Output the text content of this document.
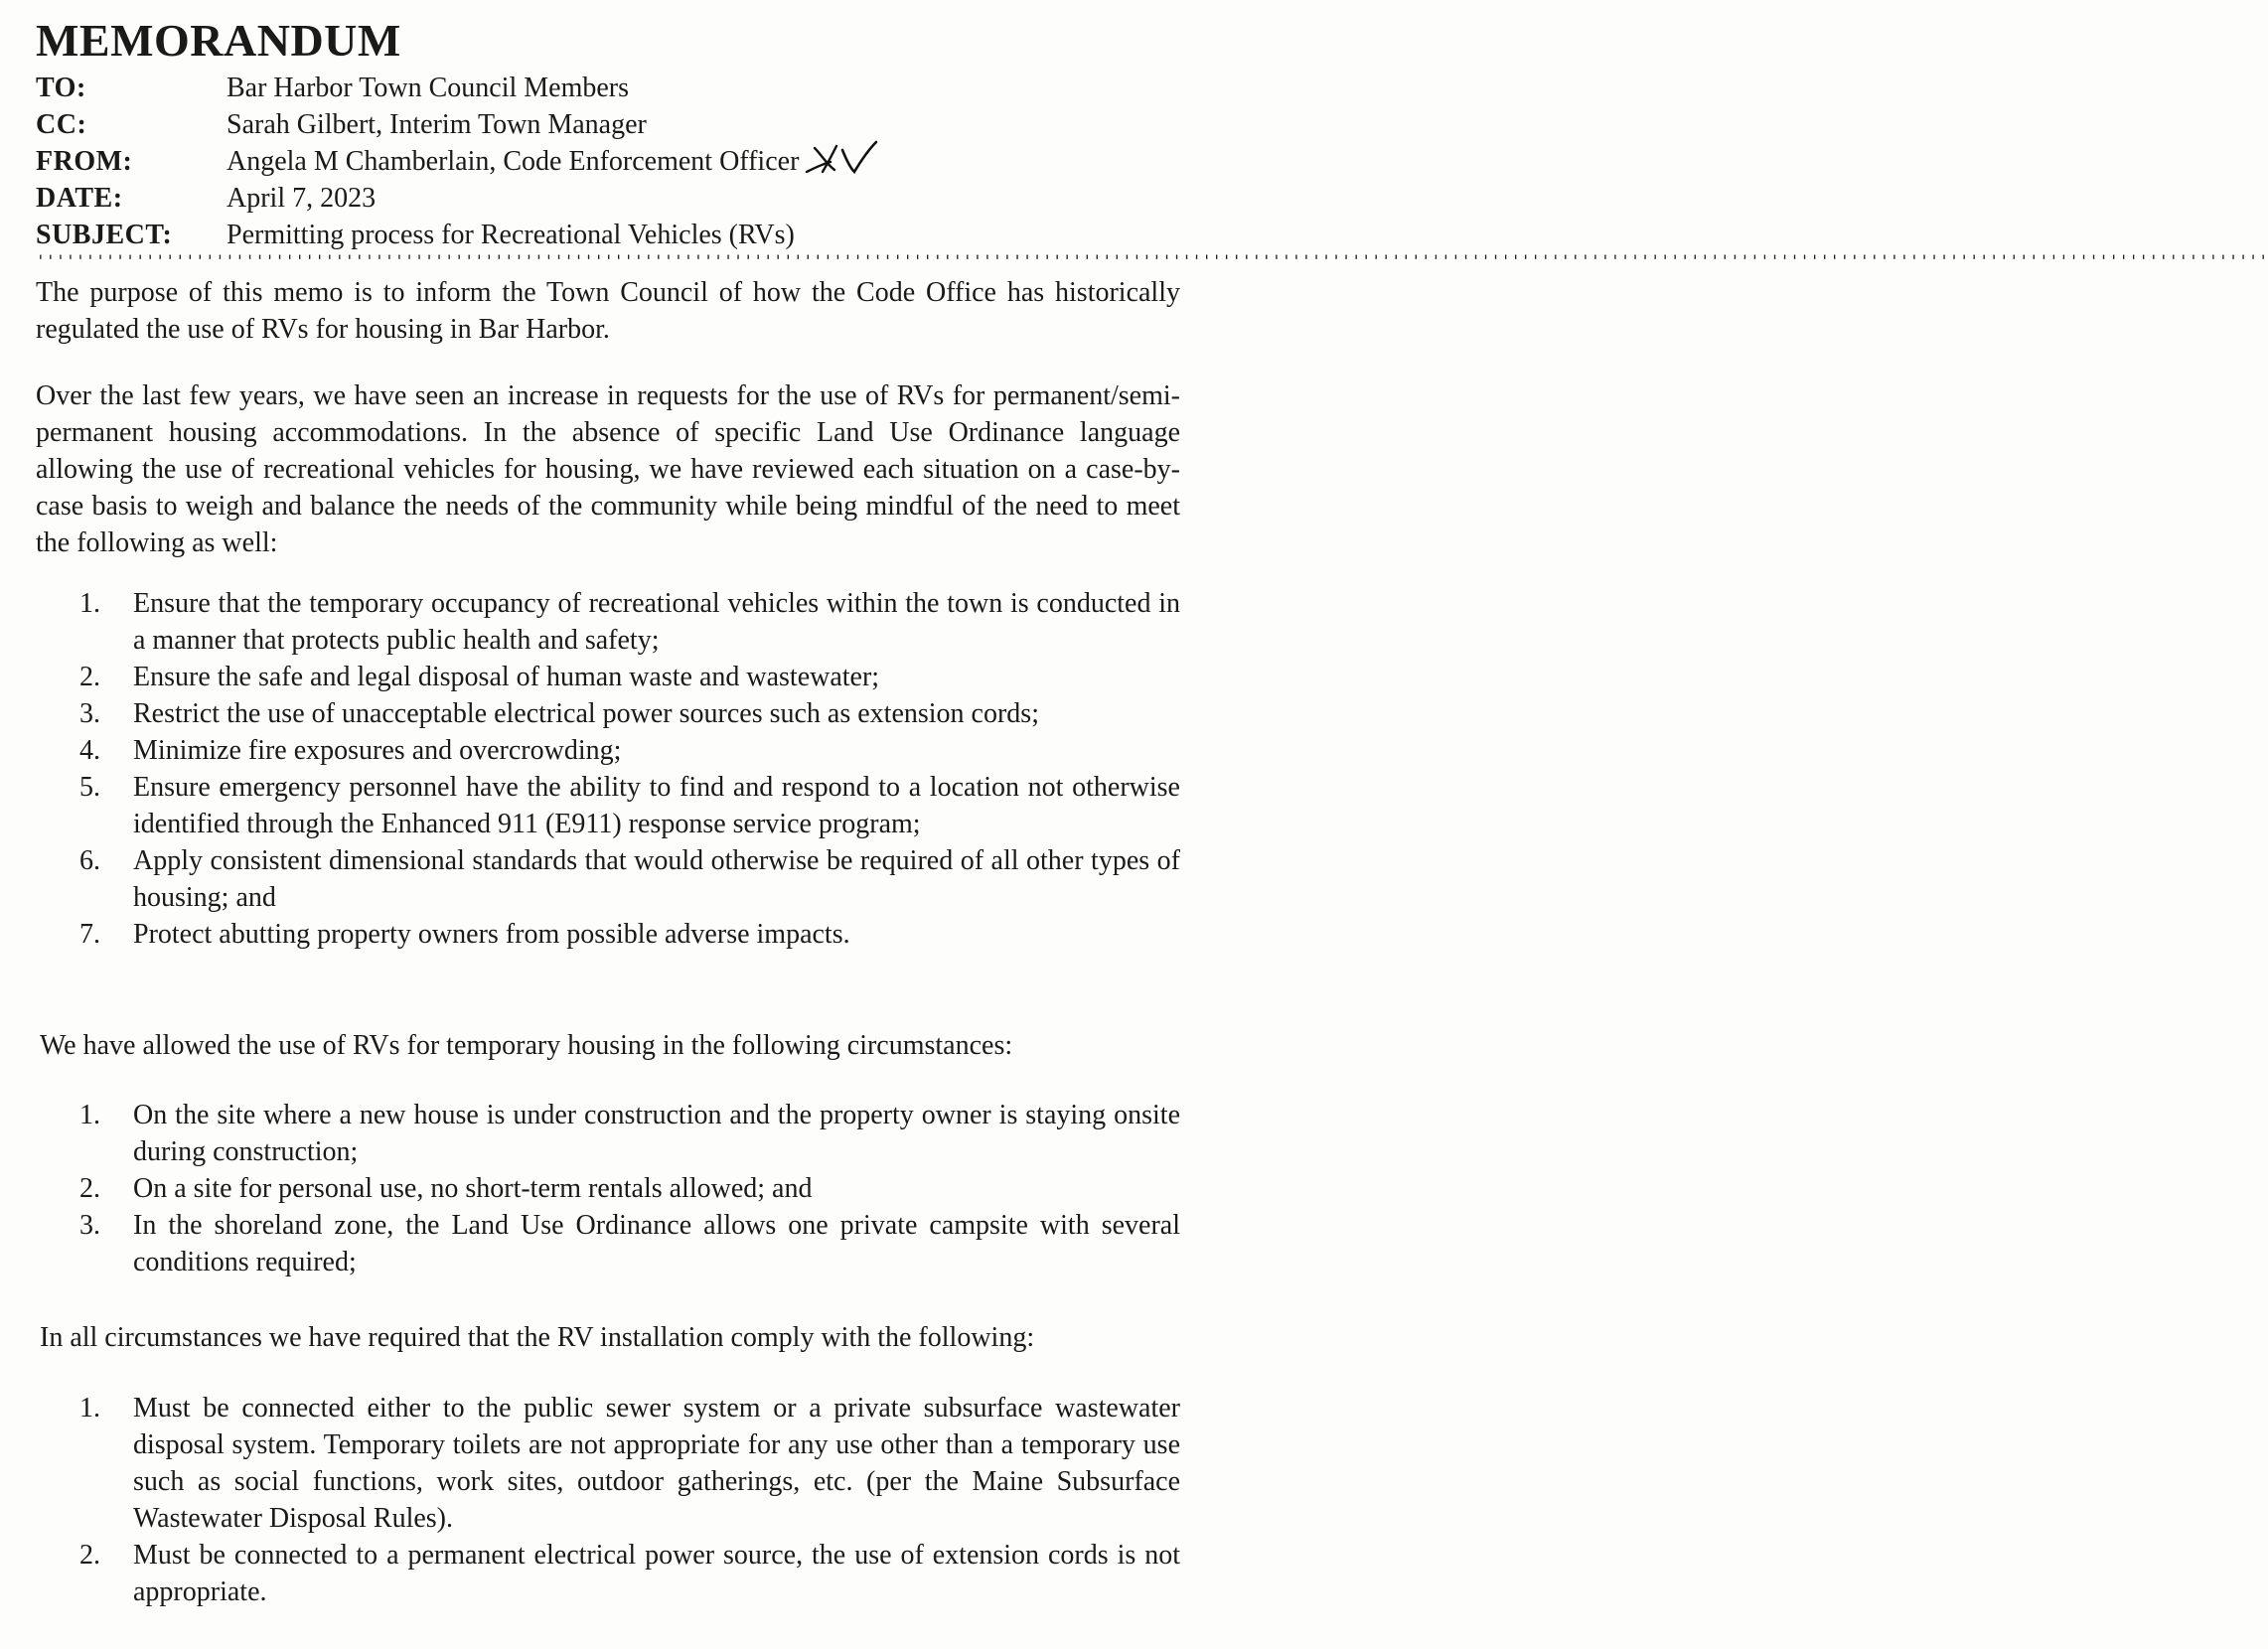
MEMORANDUM
TO:	Bar Harbor Town Council Members
CC:	Sarah Gilbert, Interim Town Manager
FROM:	Angela M Chamberlain, Code Enforcement Officer
DATE:	April 7, 2023
SUBJECT:	Permitting process for Recreational Vehicles (RVs)
''''''''''''''''''''''''''''''''''''''''''''''''''''''''''''''''''''''''''''''''''''''''''''''''''''''''''''''''''''''''''''''''''''''''''''''''''''''''''''''''''''''''''''''''''''''''''''''''''''''''''''''''''''''''''''''''

The purpose of this memo is to inform the Town Council of how the Code Office has historically regulated the use of RVs for housing in Bar Harbor.

Over the last few years, we have seen an increase in requests for the use of RVs for permanent/semi-permanent housing accommodations. In the absence of specific Land Use Ordinance language allowing the use of recreational vehicles for housing, we have reviewed each situation on a case-by-case basis to weigh and balance the needs of the community while being mindful of the need to meet the following as well:

1.	Ensure that the temporary occupancy of recreational vehicles within the town is conducted in a manner that protects public health and safety;
2.	Ensure the safe and legal disposal of human waste and wastewater;
3.	Restrict the use of unacceptable electrical power sources such as extension cords;
4.	Minimize fire exposures and overcrowding;
5.	Ensure emergency personnel have the ability to find and respond to a location not otherwise identified through the Enhanced 911 (E911) response service program;
6.	Apply consistent dimensional standards that would otherwise be required of all other types of housing; and
7.	Protect abutting property owners from possible adverse impacts.

We have allowed the use of RVs for temporary housing in the following circumstances:

1.	On the site where a new house is under construction and the property owner is staying onsite during construction;
2.	On a site for personal use, no short-term rentals allowed; and
3.	In the shoreland zone, the Land Use Ordinance allows one private campsite with several conditions required;

In all circumstances we have required that the RV installation comply with the following:

1.	Must be connected either to the public sewer system or a private subsurface wastewater disposal system. Temporary toilets are not appropriate for any use other than a temporary use such as social functions, work sites, outdoor gatherings, etc. (per the Maine Subsurface Wastewater Disposal Rules).
2.	Must be connected to a permanent electrical power source, the use of extension cords is not appropriate.
